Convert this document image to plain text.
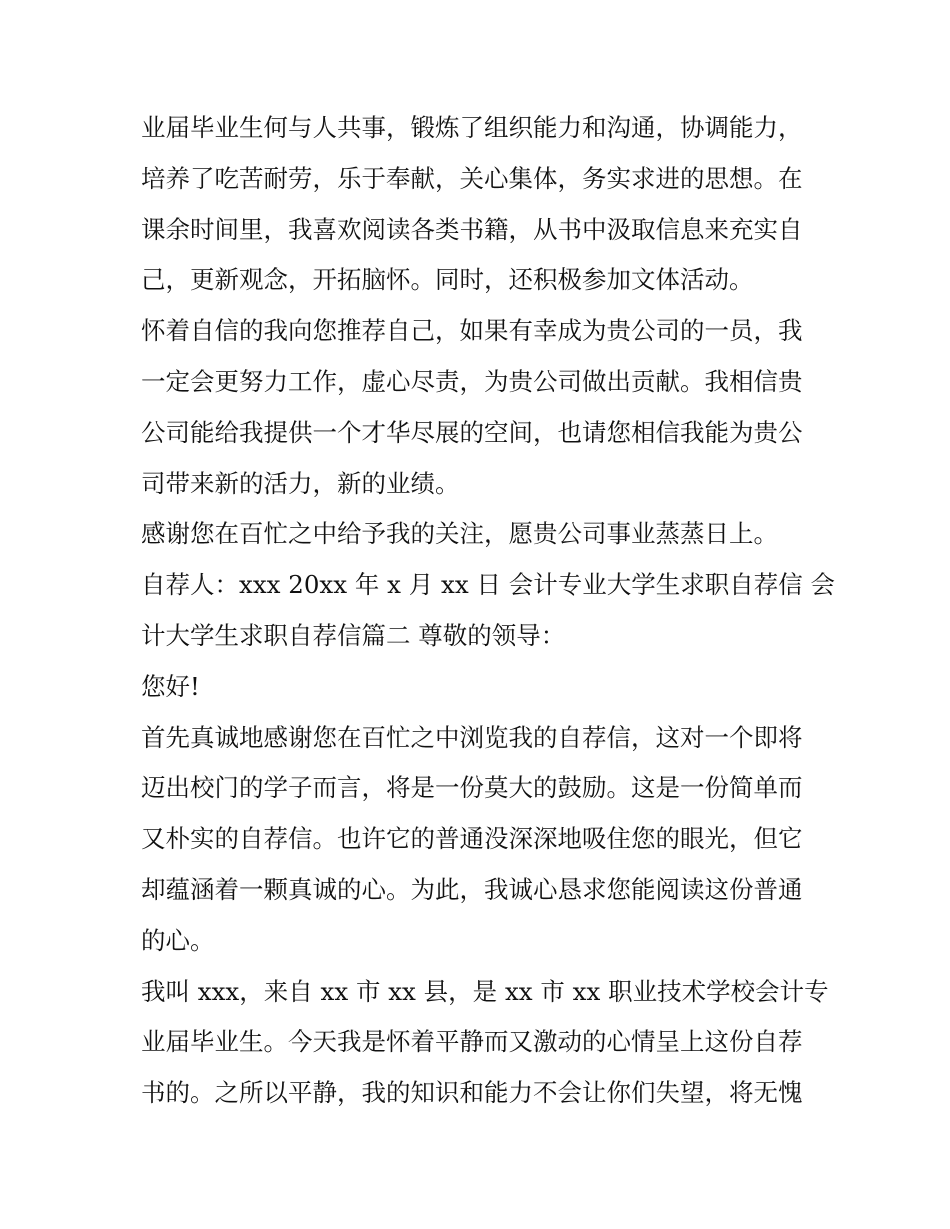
业届毕业生何与人共事，锻炼了组织能力和沟通，协调能力，
培养了吃苦耐劳，乐于奉献，关心集体，务实求进的思想。在
课余时间里，我喜欢阅读各类书籍，从书中汲取信息来充实自
己，更新观念，开拓脑怀。同时，还积极参加文体活动。
怀着自信的我向您推荐自己，如果有幸成为贵公司的一员，我
一定会更努力工作，虚心尽责，为贵公司做出贡献。我相信贵
公司能给我提供一个才华尽展的空间，也请您相信我能为贵公
司带来新的活力，新的业绩。
感谢您在百忙之中给予我的关注，愿贵公司事业蒸蒸日上。
自荐人：xxx 20xx 年 x 月 xx 日 会计专业大学生求职自荐信 会
计大学生求职自荐信篇二 尊敬的领导：
您好!
首先真诚地感谢您在百忙之中浏览我的自荐信，这对一个即将
迈出校门的学子而言，将是一份莫大的鼓励。这是一份简单而
又朴实的自荐信。也许它的普通没深深地吸住您的眼光，但它
却蕴涵着一颗真诚的心。为此，我诚心恳求您能阅读这份普通
的心。
我叫 xxx，来自 xx 市 xx 县，是 xx 市 xx 职业技术学校会计专
业届毕业生。今天我是怀着平静而又激动的心情呈上这份自荐
书的。之所以平静，我的知识和能力不会让你们失望，将无愧
